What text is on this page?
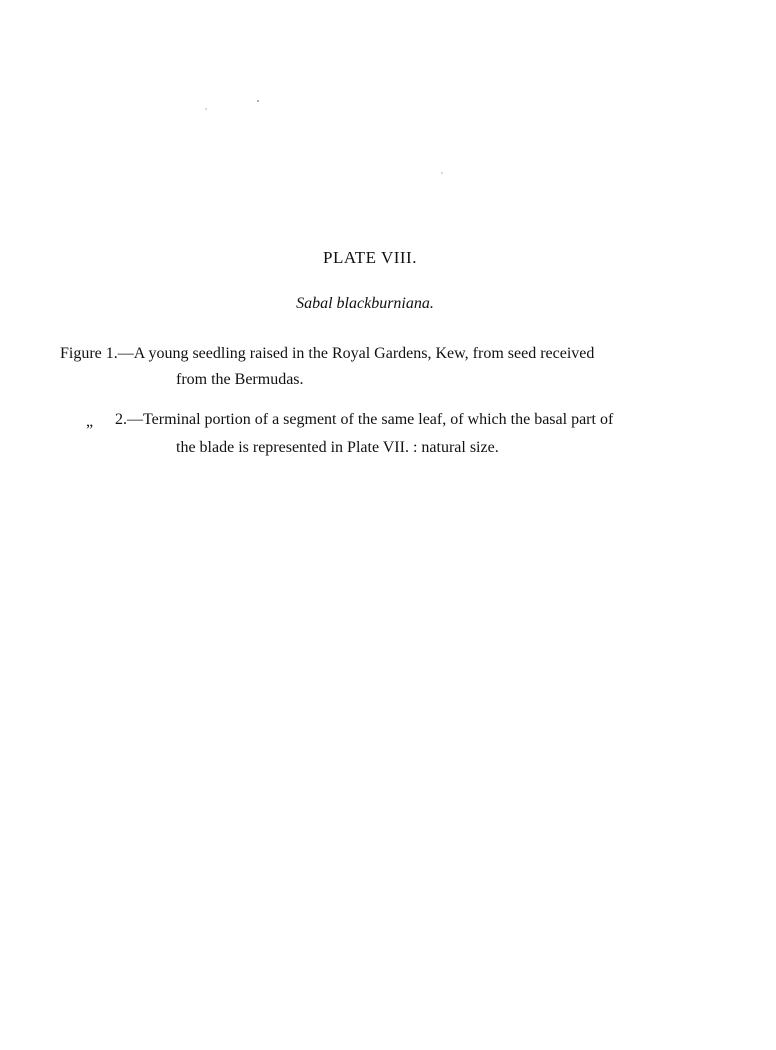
PLATE VIII.
Sabal blackburniana.
Figure 1.—A young seedling raised in the Royal Gardens, Kew, from seed received
from the Bermudas.
„ 2.—Terminal portion of a segment of the same leaf, of which the basal part of
the blade is represented in Plate VII. : natural size.
